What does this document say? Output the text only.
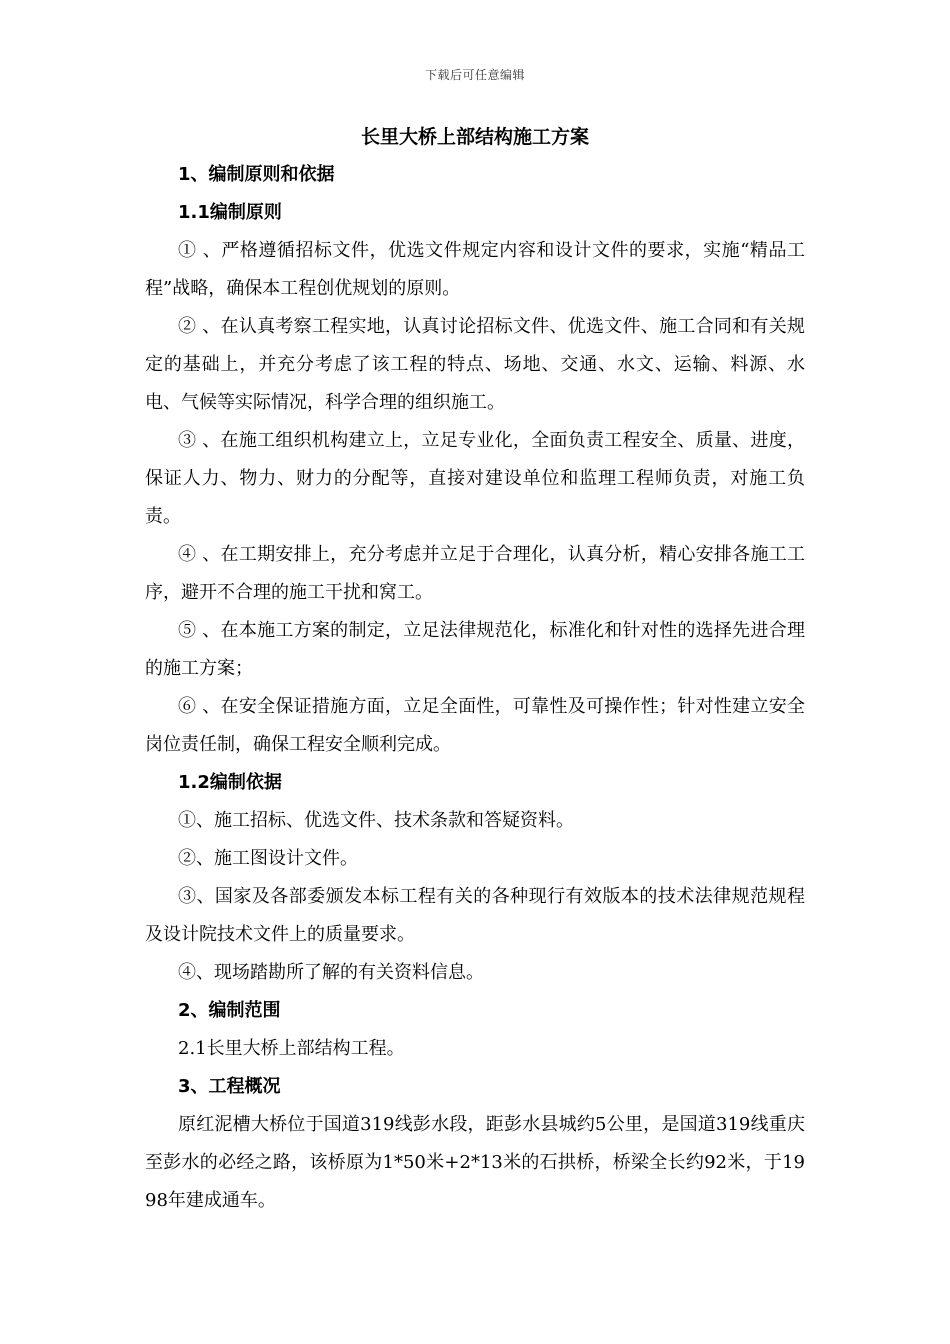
下载后可任意编辑
长里大桥上部结构施工方案
1、编制原则和依据
1.1编制原则

① 、严格遵循招标文件，优选文件规定内容和设计文件的要求，实施“精品工程”战略，确保本工程创优规划的原则。

② 、在认真考察工程实地，认真讨论招标文件、优选文件、施工合同和有关规定的基础上，并充分考虑了该工程的特点、场地、交通、水文、运输、料源、水电、气候等实际情况，科学合理的组织施工。

③ 、在施工组织机构建立上，立足专业化，全面负责工程安全、质量、进度，保证人力、物力、财力的分配等，直接对建设单位和监理工程师负责，对施工负责。

④ 、在工期安排上，充分考虑并立足于合理化，认真分析，精心安排各施工工序，避开不合理的施工干扰和窝工。

⑤ 、在本施工方案的制定，立足法律规范化，标准化和针对性的选择先进合理的施工方案；

⑥ 、在安全保证措施方面，立足全面性，可靠性及可操作性；针对性建立安全岗位责任制，确保工程安全顺利完成。

1.2编制依据

①、施工招标、优选文件、技术条款和答疑资料。

②、施工图设计文件。

③、国家及各部委颁发本标工程有关的各种现行有效版本的技术法律规范规程及设计院技术文件上的质量要求。

④、现场踏勘所了解的有关资料信息。

2、编制范围

2.1长里大桥上部结构工程。

3、工程概况

原红泥槽大桥位于国道319线彭水段，距彭水县城约5公里，是国道319线重庆至彭水的必经之路，该桥原为1*50米+2*13米的石拱桥，桥梁全长约92米，于1998年建成通车。
